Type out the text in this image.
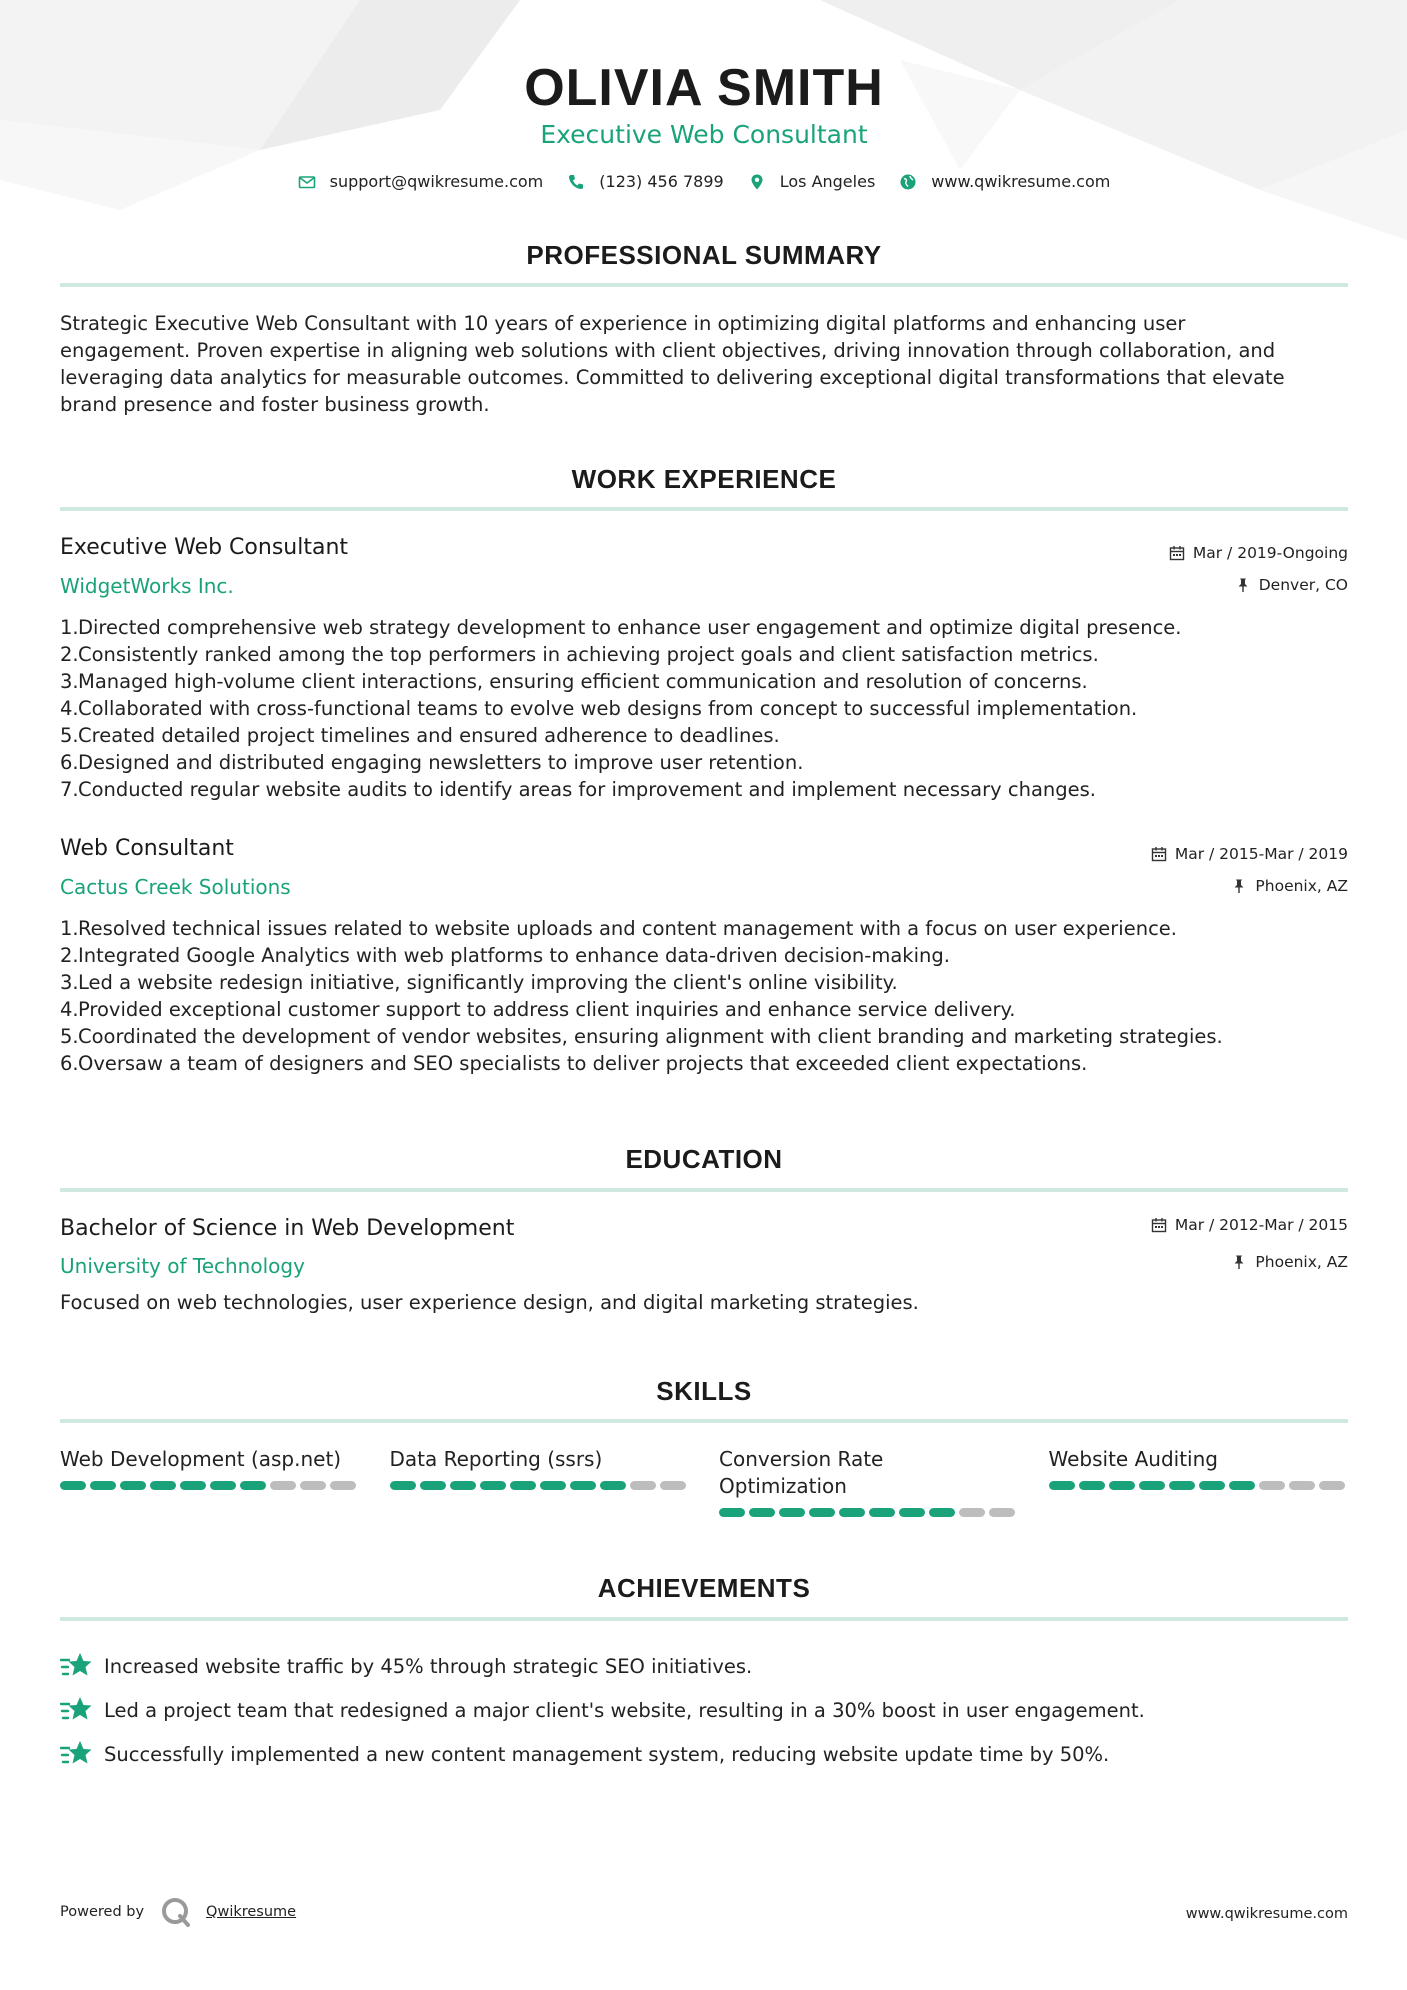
OLIVIA SMITH
Executive Web Consultant
support@qwikresume.com	(123) 456 7899	Los Angeles	www.qwikresume.com
PROFESSIONAL SUMMARY
Strategic Executive Web Consultant with 10 years of experience in optimizing digital platforms and enhancing user
engagement. Proven expertise in aligning web solutions with client objectives, driving innovation through collaboration, and
leveraging data analytics for measurable outcomes. Committed to delivering exceptional digital transformations that elevate
brand presence and foster business growth.
WORK EXPERIENCE
Executive Web Consultant
WidgetWorks Inc.
Mar / 2019-Ongoing
Denver, CO
1.Directed comprehensive web strategy development to enhance user engagement and optimize digital presence.
2.Consistently ranked among the top performers in achieving project goals and client satisfaction metrics.
3.Managed high-volume client interactions, ensuring efficient communication and resolution of concerns.
4.Collaborated with cross-functional teams to evolve web designs from concept to successful implementation.
5.Created detailed project timelines and ensured adherence to deadlines.
6.Designed and distributed engaging newsletters to improve user retention.
7.Conducted regular website audits to identify areas for improvement and implement necessary changes.
Web Consultant
Cactus Creek Solutions
Mar / 2015-Mar / 2019
Phoenix, AZ
1.Resolved technical issues related to website uploads and content management with a focus on user experience.
2.Integrated Google Analytics with web platforms to enhance data-driven decision-making.
3.Led a website redesign initiative, significantly improving the client's online visibility.
4.Provided exceptional customer support to address client inquiries and enhance service delivery.
5.Coordinated the development of vendor websites, ensuring alignment with client branding and marketing strategies.
6.Oversaw a team of designers and SEO specialists to deliver projects that exceeded client expectations.
EDUCATION
Bachelor of Science in Web Development
University of Technology
Mar / 2012-Mar / 2015
Phoenix, AZ
Focused on web technologies, user experience design, and digital marketing strategies.
SKILLS
Web Development (asp.net)	Data Reporting (ssrs)	Conversion Rate Optimization
Website Auditing
ACHIEVEMENTS
Increased website traffic by 45% through strategic SEO initiatives.
Led a project team that redesigned a major client's website, resulting in a 30% boost in user engagement.
Successfully implemented a new content management system, reducing website update time by 50%.
Powered by	Qwikresume	www.qwikresume.com
